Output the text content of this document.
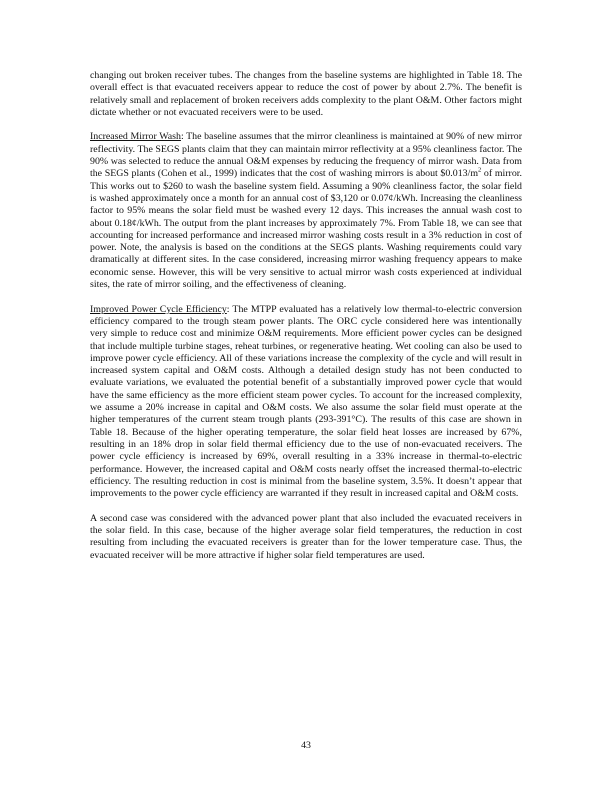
changing out broken receiver tubes. The changes from the baseline systems are highlighted in Table 18. The overall effect is that evacuated receivers appear to reduce the cost of power by about 2.7%. The benefit is relatively small and replacement of broken receivers adds complexity to the plant O&M. Other factors might dictate whether or not evacuated receivers were to be used.

Increased Mirror Wash: The baseline assumes that the mirror cleanliness is maintained at 90% of new mirror reflectivity. The SEGS plants claim that they can maintain mirror reflectivity at a 95% cleanliness factor. The 90% was selected to reduce the annual O&M expenses by reducing the frequency of mirror wash. Data from the SEGS plants (Cohen et al., 1999) indicates that the cost of washing mirrors is about $\$0.013/m^2$ of mirror. This works out to $260 to wash the baseline system field. Assuming a 90% cleanliness factor, the solar field is washed approximately once a month for an annual cost of $3,120 or 0.07¢/kWh. Increasing the cleanliness factor to 95% means the solar field must be washed every 12 days. This increases the annual wash cost to about 0.18¢/kWh. The output from the plant increases by approximately 7%. From Table 18, we can see that accounting for increased performance and increased mirror washing costs result in a 3% reduction in cost of power. Note, the analysis is based on the conditions at the SEGS plants. Washing requirements could vary dramatically at different sites. In the case considered, increasing mirror washing frequency appears to make economic sense. However, this will be very sensitive to actual mirror wash costs experienced at individual sites, the rate of mirror soiling, and the effectiveness of cleaning.

Improved Power Cycle Efficiency: The MTPP evaluated has a relatively low thermal-to-electric conversion efficiency compared to the trough steam power plants. The ORC cycle considered here was intentionally very simple to reduce cost and minimize O&M requirements. More efficient power cycles can be designed that include multiple turbine stages, reheat turbines, or regenerative heating. Wet cooling can also be used to improve power cycle efficiency. All of these variations increase the complexity of the cycle and will result in increased system capital and O&M costs. Although a detailed design study has not been conducted to evaluate variations, we evaluated the potential benefit of a substantially improved power cycle that would have the same efficiency as the more efficient steam power cycles. To account for the increased complexity, we assume a 20% increase in capital and O&M costs. We also assume the solar field must operate at the higher temperatures of the current steam trough plants (293-391°C). The results of this case are shown in Table 18. Because of the higher operating temperature, the solar field heat losses are increased by 67%, resulting in an 18% drop in solar field thermal efficiency due to the use of non-evacuated receivers. The power cycle efficiency is increased by 69%, overall resulting in a 33% increase in thermal-to-electric performance. However, the increased capital and O&M costs nearly offset the increased thermal-to-electric efficiency. The resulting reduction in cost is minimal from the baseline system, 3.5%. It doesn’t appear that improvements to the power cycle efficiency are warranted if they result in increased capital and O&M costs.

A second case was considered with the advanced power plant that also included the evacuated receivers in the solar field. In this case, because of the higher average solar field temperatures, the reduction in cost resulting from including the evacuated receivers is greater than for the lower temperature case. Thus, the evacuated receiver will be more attractive if higher solar field temperatures are used.

43
